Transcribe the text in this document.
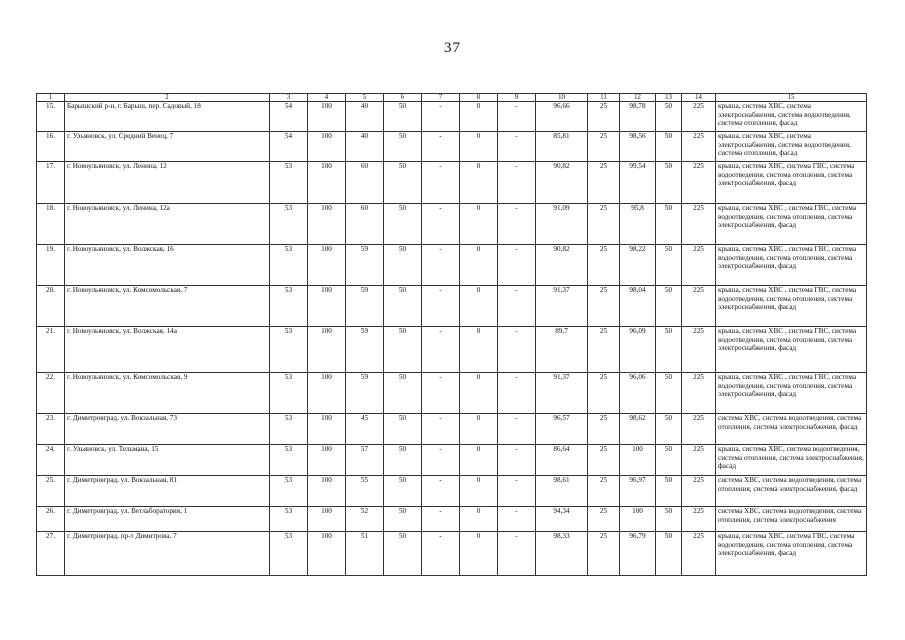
37
1	2	3	4	5	6	7	8	9	10	11	12	13	14	15
15.	Барышский р-н, г. Барыш, пер. Садовый, 18	54	100	40	50	-	0	-	96,66	25	98,78	50	225	крыша, система ХВС, система электроснабжения, система водоотведения, система отопления, фасад
16.	г. Ульяновск, ул. Средний Венец, 7	54	100	40	50	-	0	-	85,81	25	98,56	50	225	крыша, система ХВС, система электроснабжения, система водоотведения, система отопления, фасад
17.	г. Новоульяновск, ул. Ленина, 12	53	100	60	50	-	0	-	90,82	25	99,54	50	225	крыша, система ХВС, система ГВС, система водоотведения, система отопления, система электроснабжения, фасад
18.	г. Новоульяновск, ул. Ленина, 12а	53	100	60	50	-	0	-	91,09	25	95,8	50	225	крыша, система ХВС , система ГВС, система водоотведения, система отопления, система электроснабжения, фасад
19.	г. Новоульяновск, ул. Волжская, 16	53	100	59	50	-	0	-	90,82	25	98,22	50	225	крыша, система ХВС , система ГВС, система водоотведения, система отопления, система электроснабжения, фасад
20.	г. Новоульяновск, ул. Комсомольская, 7	53	100	59	50	-	0	-	91,37	25	98,04	50	225	крыша, система ХВС , система ГВС, система водоотведения, система отопления, система электроснабжения, фасад
21.	г. Новоульяновск, ул. Волжская, 14а	53	100	59	50	-	0	-	89,7	25	96,09	50	225	крыша, система ХВС , система ГВС, система водоотведения, система отопления, система электроснабжения, фасад
22.	г. Новоульяновск, ул. Комсомольская, 9	53	100	59	50	-	0	-	91,37	25	96,06	50	225	крыша, система ХВС , система ГВС, система водоотведения, система отопления, система электроснабжения, фасад
23.	г. Димитровград, ул. Вокзальная, 73	53	100	45	50	-	0	-	96,57	25	98,62	50	225	система ХВС, система водоотведения, система отопления, система электроснабжения, фасад
24.	г. Ульяновск, ул. Тельмана, 15	53	100	57	50	-	0	-	86,64	25	100	50	225	крыша, система ХВС, система водоотведения, система отопления, система электроснабжения, фасад
25.	г. Димитровград, ул. Вокзальная, 81	53	100	55	50	-	0	-	98,61	25	96,97	50	225	система ХВС, система водоотведения, система отопления, система электроснабжения, фасад
26.	г. Димитровград, ул. Ветлаборатория, 1	53	100	52	50	-	0	-	94,34	25	100	50	225	система ХВС, система водоотведения, система отопления, система электроснабжения
27.	г. Димитровград, пр-т Димитрова, 7	53	100	51	50	-	0	-	98,33	25	96,79	50	225	крыша, система ХВС, система ГВС, система водоотведения, система отопления, система электроснабжения, фасад
